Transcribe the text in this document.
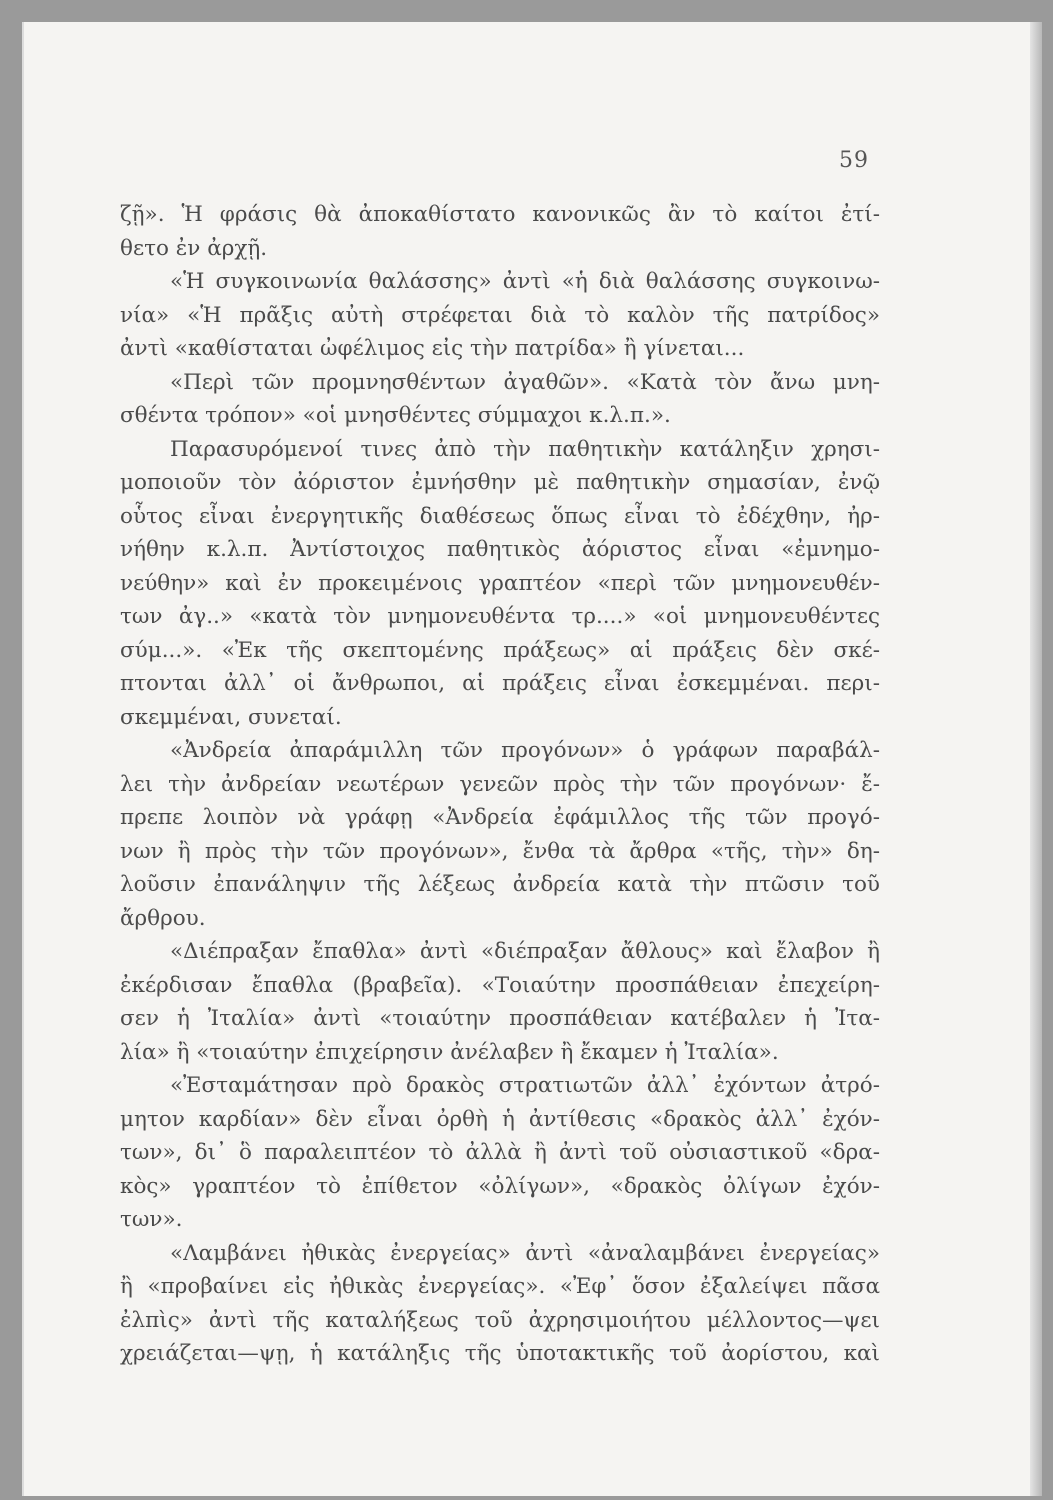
59
ζῇ». Ἡ φράσις θὰ ἀποκαθίστατο κανονικῶς ἂν τὸ καίτοι ἐτί-
θετο ἐν ἀρχῇ.
«Ἡ συγκοινωνία θαλάσσης» ἀντὶ «ἡ διὰ θαλάσσης συγκοινω-
νία» «Ἡ πρᾶξις αὐτὴ στρέφεται διὰ τὸ καλὸν τῆς πατρίδος»
ἀντὶ «καθίσταται ὠφέλιμος εἰς τὴν πατρίδα» ἢ γίνεται...
«Περὶ τῶν προμνησθέντων ἀγαθῶν». «Κατὰ τὸν ἄνω μνη-
σθέντα τρόπον» «οἱ μνησθέντες σύμμαχοι κ.λ.π.».
Παρασυρόμενοί τινες ἀπὸ τὴν παθητικὴν κατάληξιν χρησι-
μοποιοῦν τὸν ἀόριστον ἐμνήσθην μὲ παθητικὴν σημασίαν, ἐνῷ
οὗτος εἶναι ἐνεργητικῆς διαθέσεως ὅπως εἶναι τὸ ἐδέχθην, ἠρ-
νήθην κ.λ.π. Ἀντίστοιχος παθητικὸς ἀόριστος εἶναι «ἐμνημο-
νεύθην» καὶ ἐν προκειμένοις γραπτέον «περὶ τῶν μνημονευθέν-
των ἀγ..» «κατὰ τὸν μνημονευθέντα τρ....» «οἱ μνημονευθέντες
σύμ...». «Ἐκ τῆς σκεπτομένης πράξεως» αἱ πράξεις δὲν σκέ-
πτονται ἀλλ᾽ οἱ ἄνθρωποι, αἱ πράξεις εἶναι ἐσκεμμέναι. περι-
σκεμμέναι, συνεταί.
«Ἀνδρεία ἀπαράμιλλη τῶν προγόνων» ὁ γράφων παραβάλ-
λει τὴν ἀνδρείαν νεωτέρων γενεῶν πρὸς τὴν τῶν προγόνων· ἔ-
πρεπε λοιπὸν νὰ γράφῃ «Ἀνδρεία ἐφάμιλλος τῆς τῶν προγό-
νων ἢ πρὸς τὴν τῶν προγόνων», ἔνθα τὰ ἄρθρα «τῆς, τὴν» δη-
λοῦσιν ἐπανάληψιν τῆς λέξεως ἀνδρεία κατὰ τὴν πτῶσιν τοῦ
ἄρθρου.
«Διέπραξαν ἔπαθλα» ἀντὶ «διέπραξαν ἄθλους» καὶ ἔλαβον ἢ
ἐκέρδισαν ἔπαθλα (βραβεῖα). «Τοιαύτην προσπάθειαν ἐπεχείρη-
σεν ἡ Ἰταλία» ἀντὶ «τοιαύτην προσπάθειαν κατέβαλεν ἡ Ἰτα-
λία» ἢ «τοιαύτην ἐπιχείρησιν ἀνέλαβεν ἢ ἔκαμεν ἡ Ἰταλία».
«Ἐσταμάτησαν πρὸ δρακὸς στρατιωτῶν ἀλλ᾽ ἐχόντων ἀτρό-
μητον καρδίαν» δὲν εἶναι ὀρθὴ ἡ ἀντίθεσις «δρακὸς ἀλλ᾽ ἐχόν-
των», δι᾽ ὃ παραλειπτέον τὸ ἀλλὰ ἢ ἀντὶ τοῦ οὐσιαστικοῦ «δρα-
κὸς» γραπτέον τὸ ἐπίθετον «ὀλίγων», «δρακὸς ὀλίγων ἐχόν-
των».
«Λαμβάνει ἠθικὰς ἐνεργείας» ἀντὶ «ἀναλαμβάνει ἐνεργείας»
ἢ «προβαίνει εἰς ἠθικὰς ἐνεργείας». «Ἐφ᾽ ὅσον ἐξαλείψει πᾶσα
ἐλπὶς» ἀντὶ τῆς καταλήξεως τοῦ ἀχρησιμοιήτου μέλλοντος—ψει
χρειάζεται—ψῃ, ἡ κατάληξις τῆς ὑποτακτικῆς τοῦ ἀορίστου, καὶ
